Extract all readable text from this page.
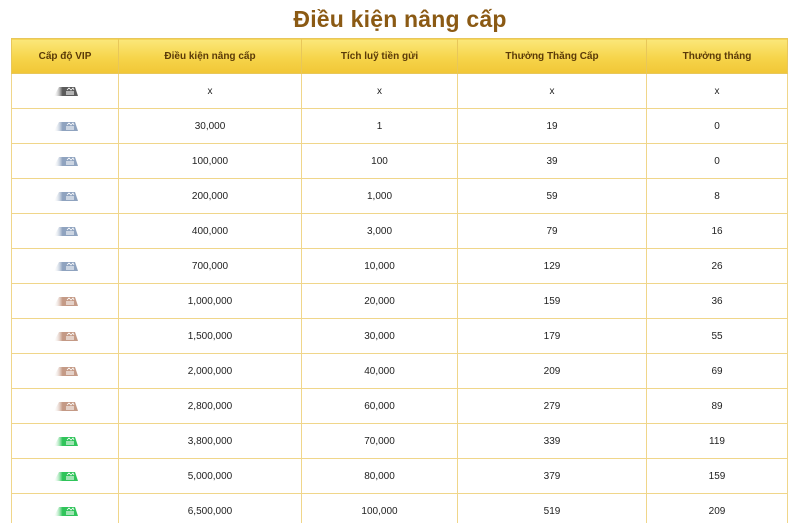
Điều kiện nâng cấp
Cấp độ VIP	Điều kiện nâng cấp	Tích luỹ tiền gửi	Thưởng Thăng Cấp	Thưởng tháng

	x	x	x	x

	30,000	1	19	0

	100,000	100	39	0

	200,000	1,000	59	8

	400,000	3,000	79	16

	700,000	10,000	129	26

	1,000,000	20,000	159	36

	1,500,000	30,000	179	55

	2,000,000	40,000	209	69

	2,800,000	60,000	279	89

	3,800,000	70,000	339	119

	5,000,000	80,000	379	159

	6,500,000	100,000	519	209
